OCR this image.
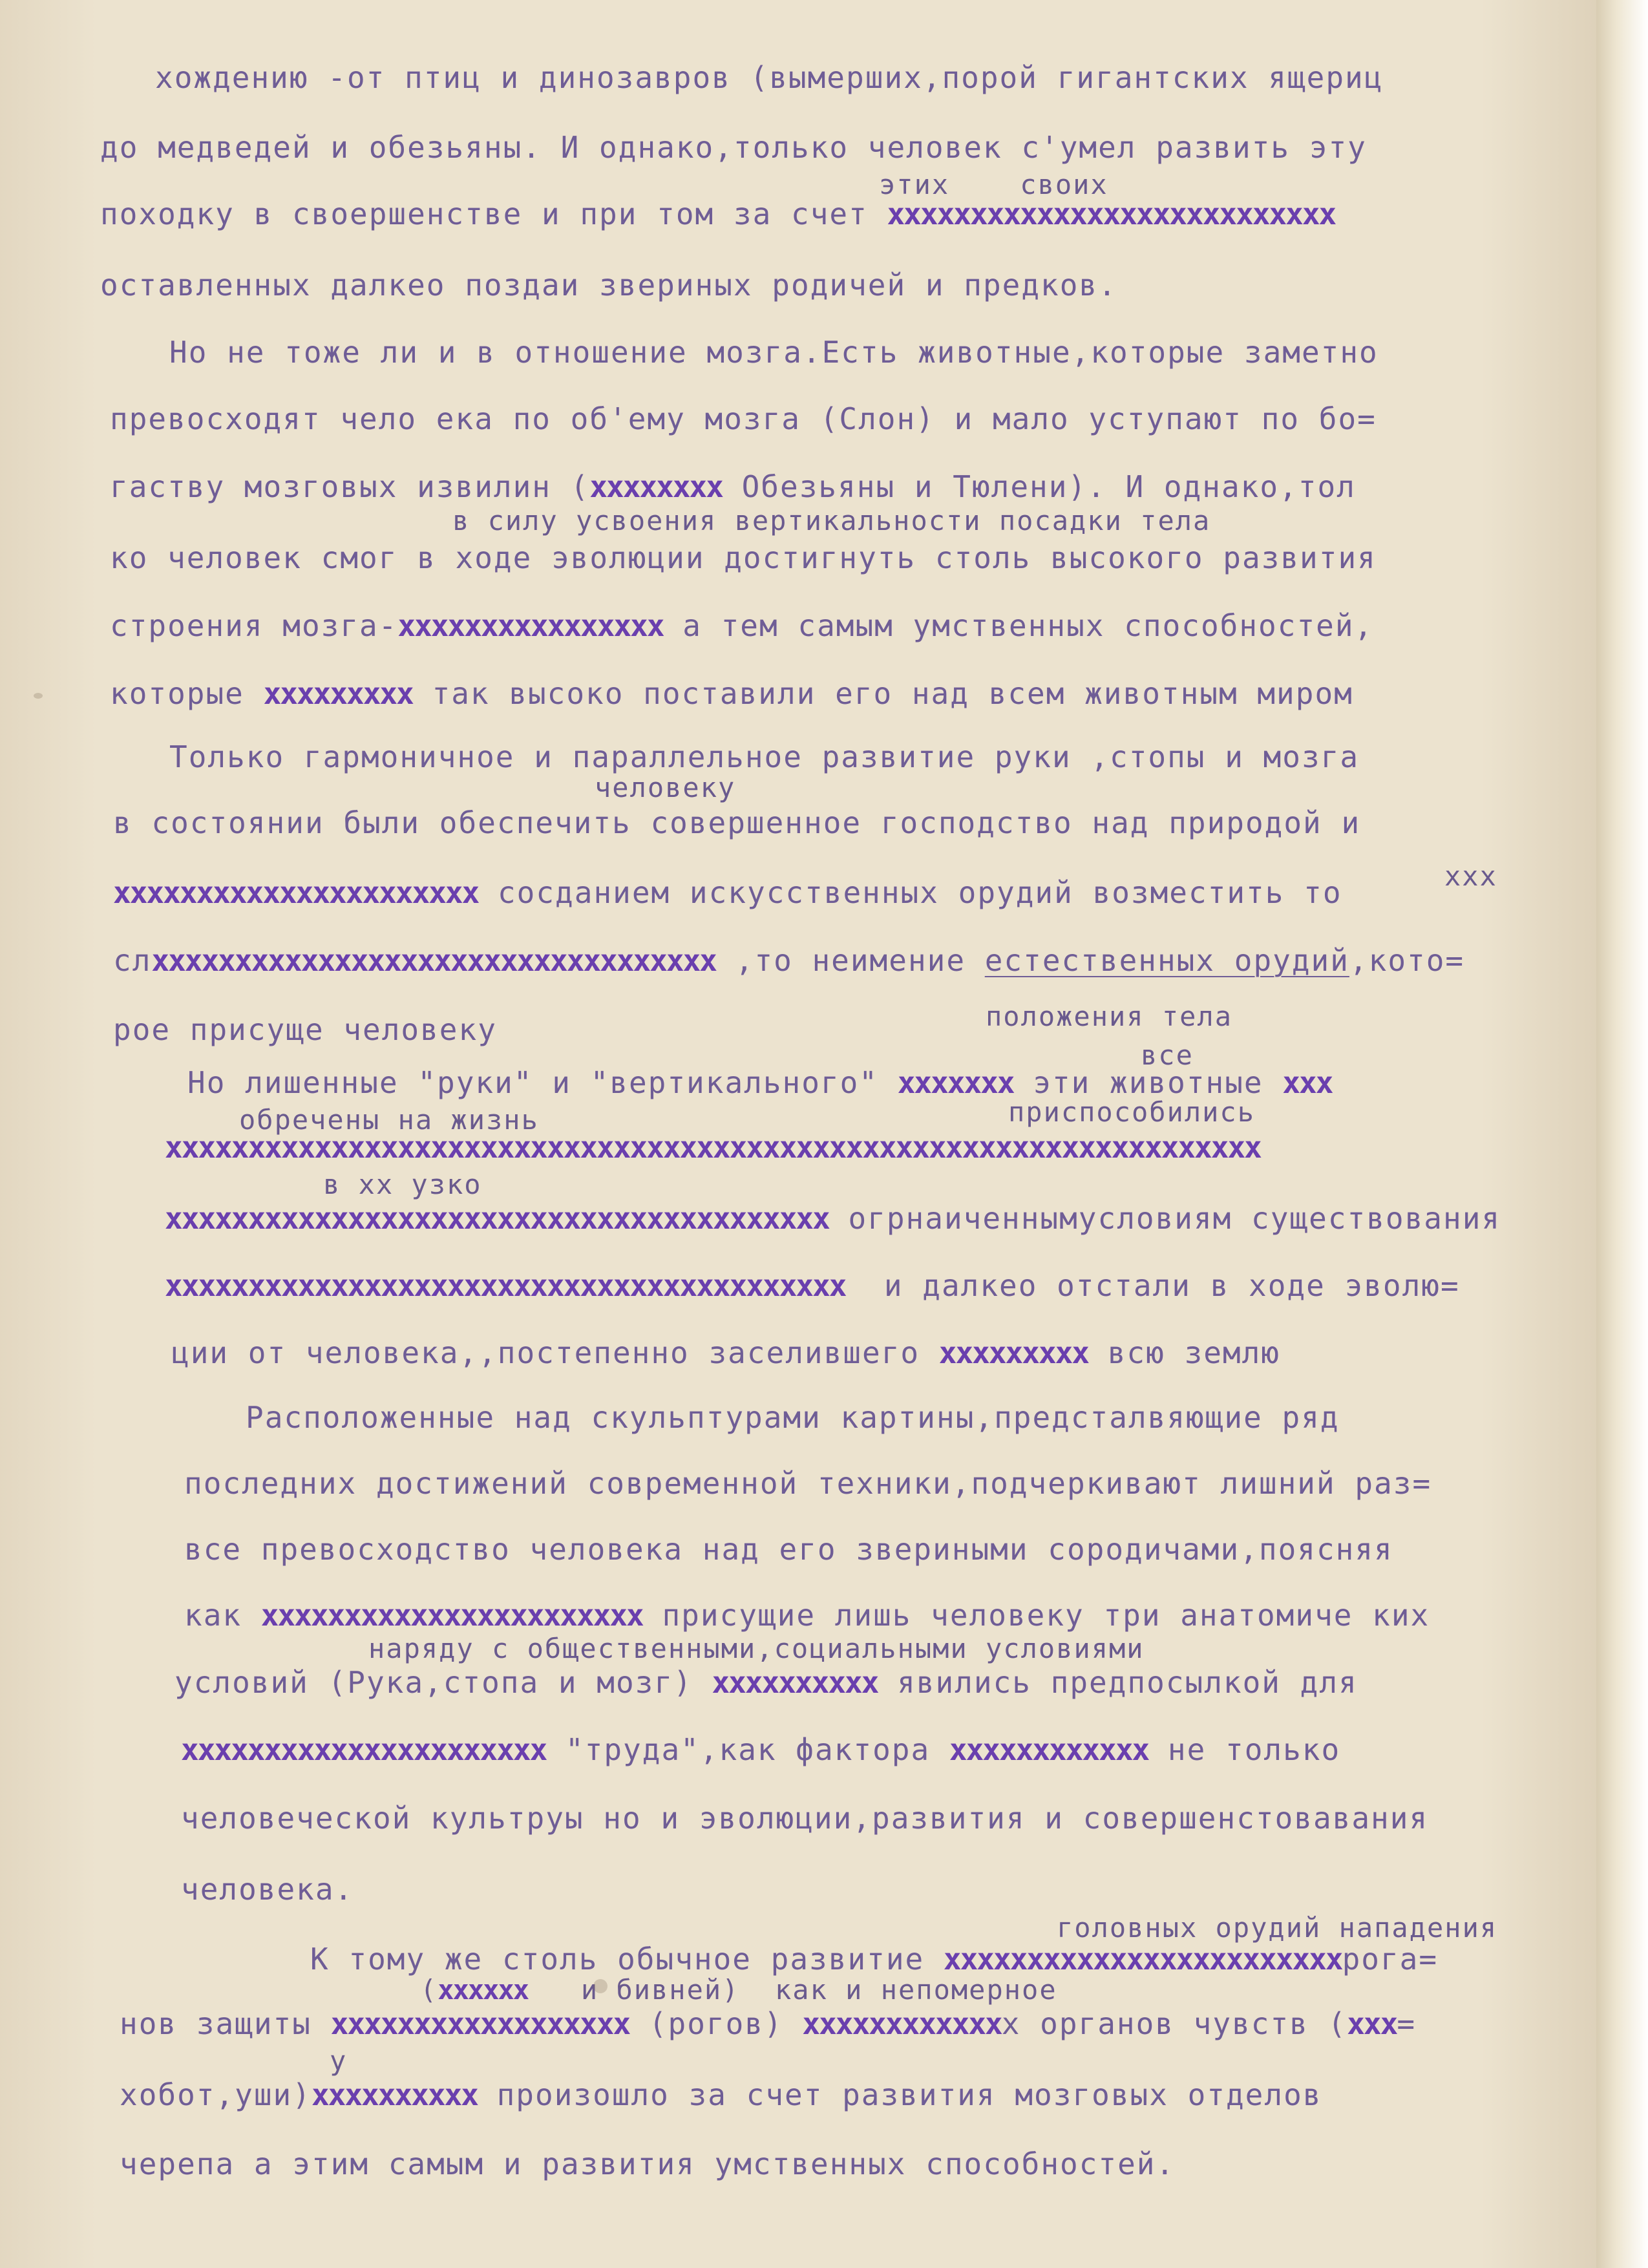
хождению -от птиц и динозавров (вымерших,порой гигантских ящериц
до медведей и обезьяны. И однако,только человек с'умел развить эту
этих    своих
походку в своершенстве и при том за счет xxxxxxxxxxxxxxxxxxxxxxxxxxx
оставленных далкео поздаи звериных родичей и предков.
Но не тоже ли и в отношение мозга.Есть животные,которые заметно
превосходят чело ека по об'ему мозга (Слон) и мало уступают по бо=
гаству мозговых извилин (xxxxxxxx Обезьяны и Тюлени). И однако,тол
в силу усвоения вертикальности посадки тела
ко человек смог в ходе эволюции достигнуть столь высокого развития
строения мозга-xxxxxxxxxxxxxxxx а тем самым умственных способностей,
которые xxxxxxxxx так высоко поставили его над всем животным миром
Только гармоничное и параллельное развитие руки ,стопы и мозга
человеку
в состоянии были обеспечить совершенное господство над природой и
xxxxxxxxxxxxxxxxxxxxxx сосданием искусственных орудий возместить то	ххх
слxxxxxxxxxxxxxxxxxxxxxxxxxxxxxxxxxx ,то неимение естественных орудий,кото=
рое присуще человеку	положения тела
все
Но лишенные "руки" и "вертикального" xxxxxxx эти животные xxx
обречены на жизнь	приспособились
xxxxxxxxxxxxxxxxxxxxxxxxxxxxxxxxxxxxxxxxxxxxxxxxxxxxxxxxxxxxxxxxxx
в xx узко
xxxxxxxxxxxxxxxxxxxxxxxxxxxxxxxxxxxxxxxx огрнаиченнымусловиям существования
xxxxxxxxxxxxxxxxxxxxxxxxxxxxxxxxxxxxxxxxx  и далкео отстали в ходе эволю=
ции от человека,,постепенно заселившего xxxxxxxxx всю землю
Расположенные над скульптурами картины,предсталвяющие ряд
последних достижений современной техники,подчеркивают лишний раз=
все превосходство человека над его звериными сородичами,поясняя
как xxxxxxxxxxxxxxxxxxxxxxx присущие лишь человеку три анатомиче ких
наряду с общественными,социальными условиями
условий (Рука,стопа и мозг) xxxxxxxxxx явились предпосылкой для
xxxxxxxxxxxxxxxxxxxxxx "труда",как фактора xxxxxxxxxxxx не только
человеческой культруы но и эволюции,развития и совершенстовавания
человека.
головных орудий нападения
К тому же столь обычное развитие xxxxxxxxxxxxxxxxxxxxxxxxрога=
(xxxxxx   и бивней)  как и непомерное
нов защиты xxxxxxxxxxxxxxxxxx (рогов) xxxxxxxxxxxxх органов чувств (xxx=
у
хобот,уши)xxxxxxxxxx произошло за счет развития мозговых отделов
черепа а этим самым и развития умственных способностей.
